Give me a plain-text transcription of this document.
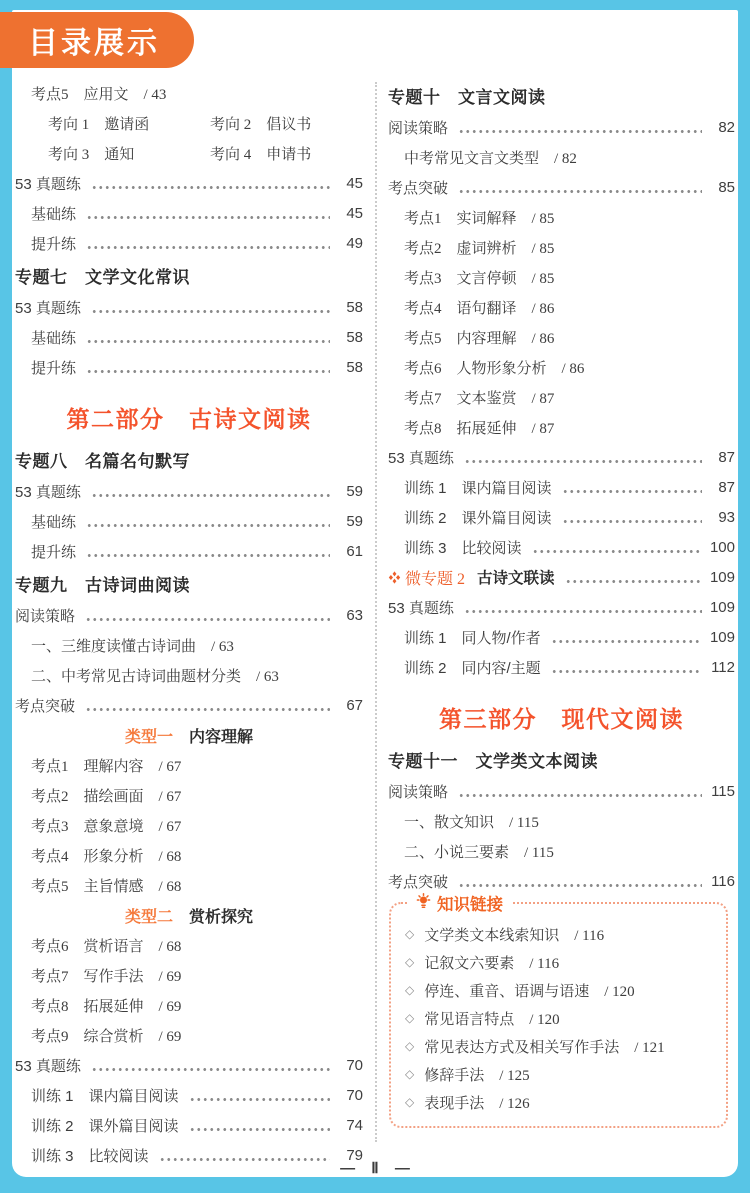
目录展示
考点5　应用文　/ 43
考向 1　邀请函	考向 2　倡议书
考向 3　通知	考向 4　申请书
53 真题练	45
基础练	45
提升练	49
专题七　文学文化常识
53 真题练	58
基础练	58
提升练	58
第二部分　古诗文阅读
专题八　名篇名句默写
53 真题练	59
基础练	59
提升练	61
专题九　古诗词曲阅读
阅读策略	63
一、三维度读懂古诗词曲　/ 63
二、中考常见古诗词曲题材分类　/ 63
考点突破	67
类型一 内容理解
考点1　理解内容　/ 67
考点2　描绘画面　/ 67
考点3　意象意境　/ 67
考点4　形象分析　/ 68
考点5　主旨情感　/ 68
类型二 赏析探究
考点6　赏析语言　/ 68
考点7　写作手法　/ 69
考点8　拓展延伸　/ 69
考点9　综合赏析　/ 69
53 真题练	70
训练 1　课内篇目阅读	70
训练 2　课外篇目阅读	74
训练 3　比较阅读	79
专题十　文言文阅读
阅读策略	82
中考常见文言文类型　/ 82
考点突破	85
考点1　实词解释　/ 85
考点2　虚词辨析　/ 85
考点3　文言停顿　/ 85
考点4　语句翻译　/ 86
考点5　内容理解　/ 86
考点6　人物形象分析　/ 86
考点7　文本鉴赏　/ 87
考点8　拓展延伸　/ 87
53 真题练	87
训练 1　课内篇目阅读	87
训练 2　课外篇目阅读	93
训练 3　比较阅读	100
微专题 2 古诗文联读	109
53 真题练	109
训练 1　同人物/作者	109
训练 2　同内容/主题	112
第三部分　现代文阅读
专题十一　文学类文本阅读
阅读策略	115
一、散文知识　/ 115
二、小说三要素　/ 115
考点突破	116
知识链接
◇ 文学类文本线索知识　/ 116
◇ 记叙文六要素　/ 116
◇ 停连、重音、语调与语速　/ 120
◇ 常见语言特点　/ 120
◇ 常见表达方式及相关写作手法　/ 121
◇ 修辞手法　/ 125
◇ 表现手法　/ 126
— Ⅱ —
